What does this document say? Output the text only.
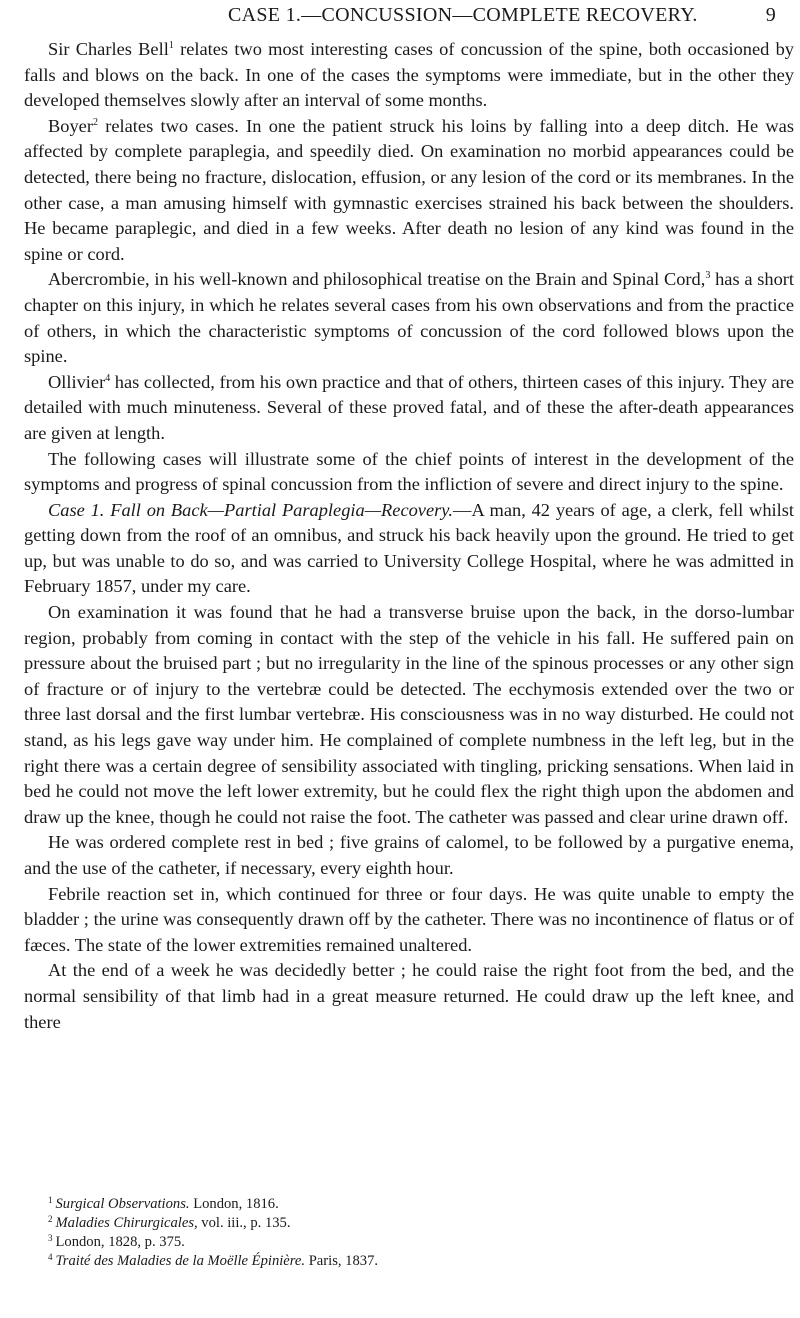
CASE 1.—CONCUSSION—COMPLETE RECOVERY.	9

Sir Charles Bell$^1$ relates two most interesting cases of concussion of the spine, both occasioned by falls and blows on the back. In one of the cases the symptoms were immediate, but in the other they developed themselves slowly after an interval of some months.

Boyer$^2$ relates two cases. In one the patient struck his loins by falling into a deep ditch. He was affected by complete paraplegia, and speedily died. On examination no morbid appearances could be detected, there being no fracture, dislocation, effusion, or any lesion of the cord or its membranes. In the other case, a man amusing himself with gymnastic exercises strained his back between the shoulders. He became paraplegic, and died in a few weeks. After death no lesion of any kind was found in the spine or cord.

Abercrombie, in his well-known and philosophical treatise on the Brain and Spinal Cord,$^3$ has a short chapter on this injury, in which he relates several cases from his own observations and from the practice of others, in which the characteristic symptoms of concussion of the cord followed blows upon the spine.

Ollivier$^4$ has collected, from his own practice and that of others, thirteen cases of this injury. They are detailed with much minuteness. Several of these proved fatal, and of these the after-death appearances are given at length.

The following cases will illustrate some of the chief points of interest in the development of the symptoms and progress of spinal concussion from the infliction of severe and direct injury to the spine.

Case 1. Fall on Back—Partial Paraplegia—Recovery.—A man, 42 years of age, a clerk, fell whilst getting down from the roof of an omnibus, and struck his back heavily upon the ground. He tried to get up, but was unable to do so, and was carried to University College Hospital, where he was admitted in February 1857, under my care.

On examination it was found that he had a transverse bruise upon the back, in the dorso-lumbar region, probably from coming in contact with the step of the vehicle in his fall. He suffered pain on pressure about the bruised part ; but no irregularity in the line of the spinous processes or any other sign of fracture or of injury to the vertebræ could be detected. The ecchymosis extended over the two or three last dorsal and the first lumbar vertebræ. His consciousness was in no way disturbed. He could not stand, as his legs gave way under him. He complained of complete numbness in the left leg, but in the right there was a certain degree of sensibility associated with tingling, pricking sensations. When laid in bed he could not move the left lower extremity, but he could flex the right thigh upon the abdomen and draw up the knee, though he could not raise the foot. The catheter was passed and clear urine drawn off.

He was ordered complete rest in bed ; five grains of calomel, to be followed by a purgative enema, and the use of the catheter, if necessary, every eighth hour.

Febrile reaction set in, which continued for three or four days. He was quite unable to empty the bladder ; the urine was consequently drawn off by the catheter. There was no incontinence of flatus or of fæces. The state of the lower extremities remained unaltered.

At the end of a week he was decidedly better ; he could raise the right foot from the bed, and the normal sensibility of that limb had in a great measure returned. He could draw up the left knee, and there

$^1$ Surgical Observations. London, 1816.

$^2$ Maladies Chirurgicales, vol. iii., p. 135.

$^3$ London, 1828, p. 375.

$^4$ Traité des Maladies de la Moëlle Épinière. Paris, 1837.
